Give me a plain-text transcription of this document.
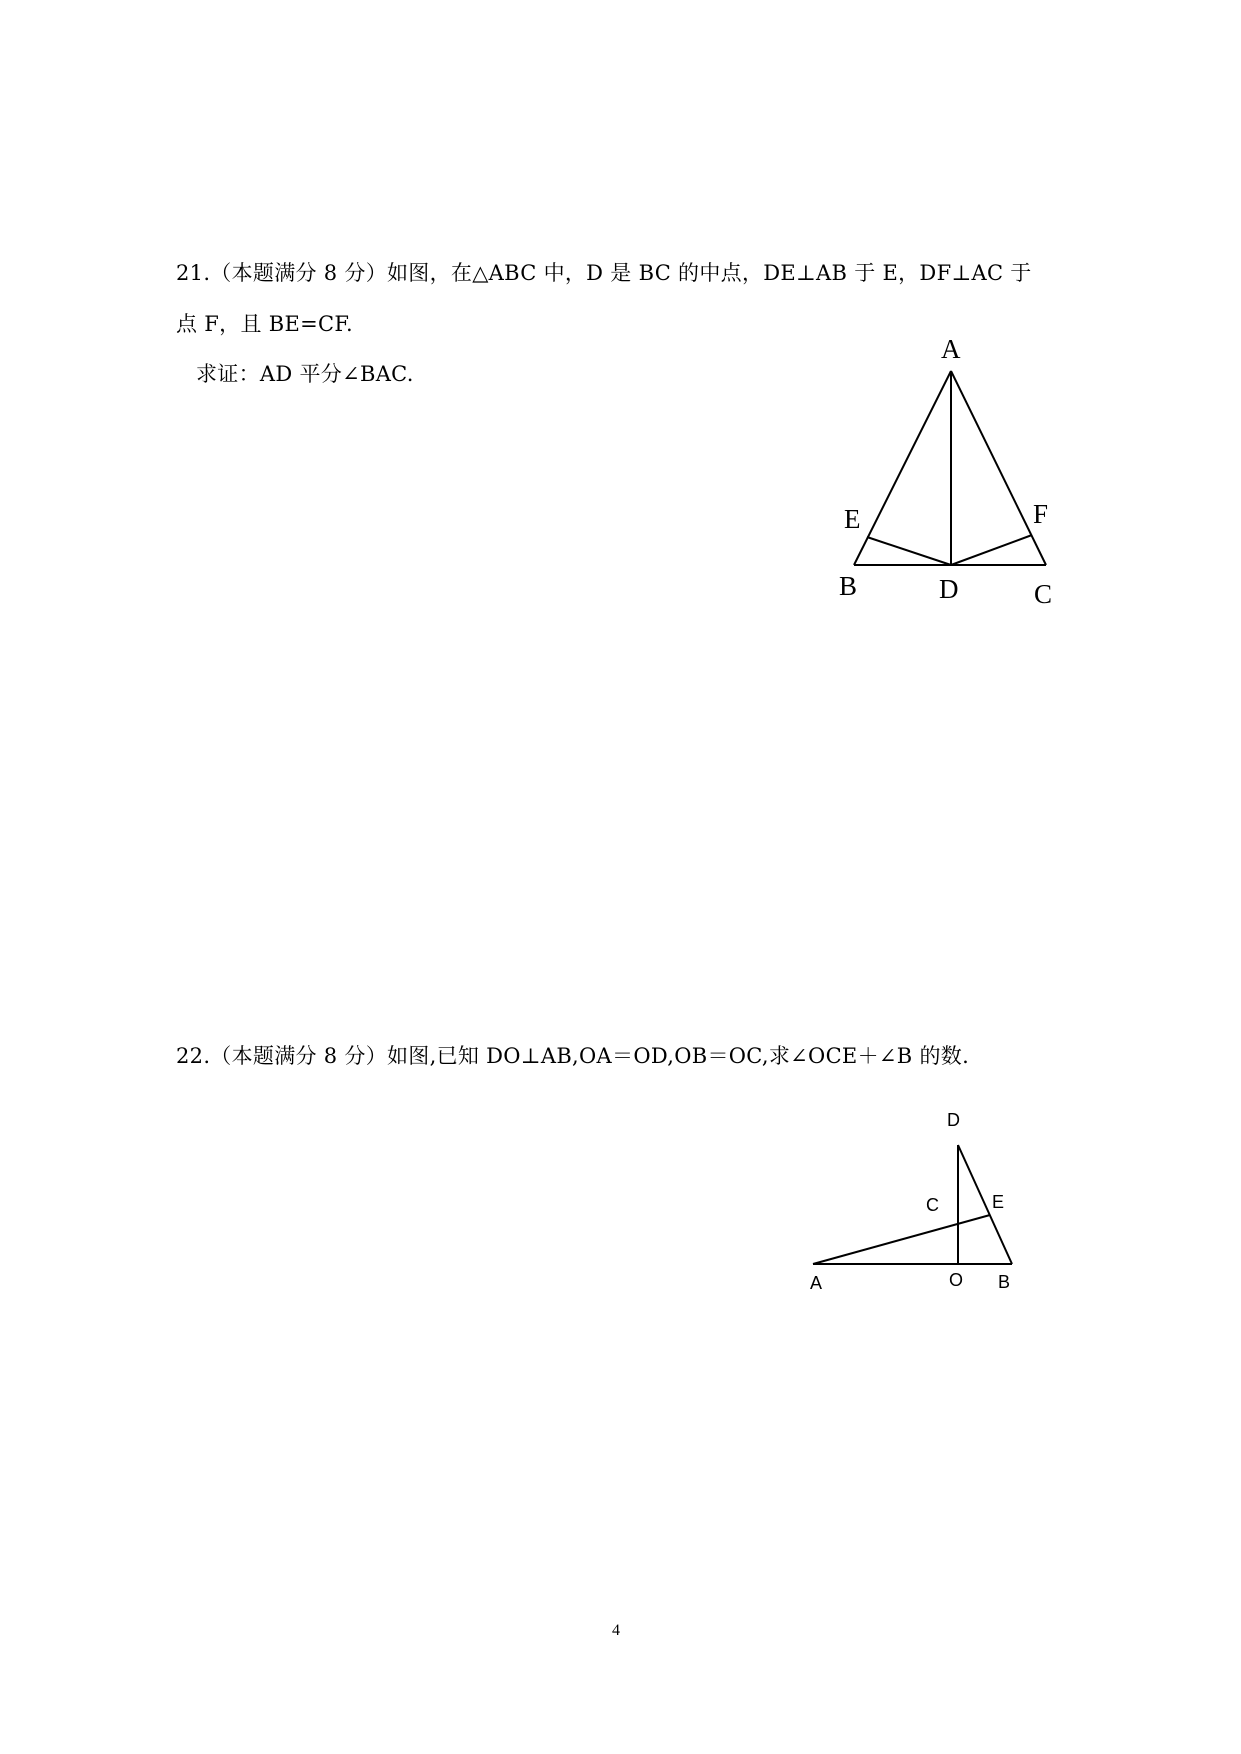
21.（本题满分 8 分）如图，在△ABC 中，D 是 BC 的中点，DE⊥AB 于 E，DF⊥AC 于
点 F，且 BE=CF.
求证：AD 平分∠BAC.
A
E	F
B	D	C
22.（本题满分 8 分）如图,已知 DO⊥AB,OA＝OD,OB＝OC,求∠OCE＋∠B 的数.
D
C	E
A	O B
4
